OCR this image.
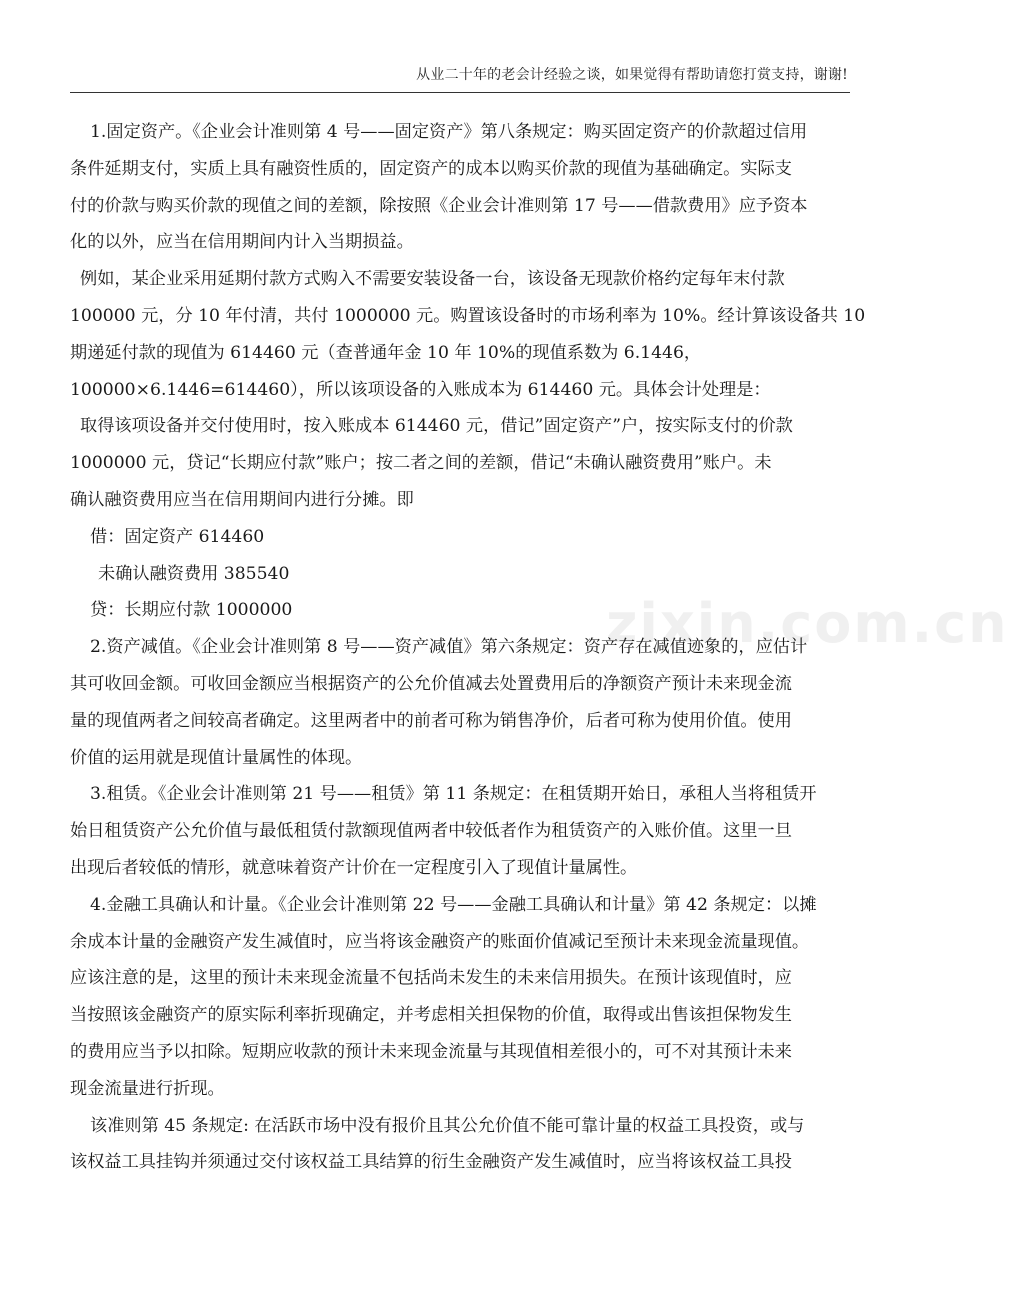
从业二十年的老会计经验之谈，如果觉得有帮助请您打赏支持，谢谢!
zixin.com.cn
1.固定资产。《企业会计准则第 4 号——固定资产》第八条规定：购买固定资产的价款超过信用
条件延期支付，实质上具有融资性质的，固定资产的成本以购买价款的现值为基础确定。实际支
付的价款与购买价款的现值之间的差额，除按照《企业会计准则第 17 号——借款费用》应予资本
化的以外，应当在信用期间内计入当期损益。
例如，某企业采用延期付款方式购入不需要安装设备一台，该设备无现款价格约定每年末付款
100000 元，分 10 年付清，共付 1000000 元。购置该设备时的市场利率为 10%。经计算该设备共 10
期递延付款的现值为 614460 元（查普通年金 10 年 10%的现值系数为 6.1446，
100000×6.1446=614460），所以该项设备的入账成本为 614460 元。具体会计处理是：
取得该项设备并交付使用时，按入账成本 614460 元，借记”固定资产”户，按实际支付的价款
1000000 元，贷记“长期应付款”账户；按二者之间的差额，借记“未确认融资费用”账户。未
确认融资费用应当在信用期间内进行分摊。即
借：固定资产 614460
未确认融资费用 385540
贷：长期应付款 1000000
2.资产减值。《企业会计准则第 8 号——资产减值》第六条规定：资产存在减值迹象的，应估计
其可收回金额。可收回金额应当根据资产的公允价值减去处置费用后的净额资产预计未来现金流
量的现值两者之间较高者确定。这里两者中的前者可称为销售净价，后者可称为使用价值。使用
价值的运用就是现值计量属性的体现。
3.租赁。《企业会计准则第 21 号——租赁》第 11 条规定：在租赁期开始日，承租人当将租赁开
始日租赁资产公允价值与最低租赁付款额现值两者中较低者作为租赁资产的入账价值。这里一旦
出现后者较低的情形，就意味着资产计价在一定程度引入了现值计量属性。
4.金融工具确认和计量。《企业会计准则第 22 号——金融工具确认和计量》第 42 条规定：以摊
余成本计量的金融资产发生减值时，应当将该金融资产的账面价值减记至预计未来现金流量现值。
应该注意的是，这里的预计未来现金流量不包括尚未发生的未来信用损失。在预计该现值时，应
当按照该金融资产的原实际利率折现确定，并考虑相关担保物的价值，取得或出售该担保物发生
的费用应当予以扣除。短期应收款的预计未来现金流量与其现值相差很小的，可不对其预计未来
现金流量进行折现。
该准则第 45 条规定: 在活跃市场中没有报价且其公允价值不能可靠计量的权益工具投资，或与
该权益工具挂钩并须通过交付该权益工具结算的衍生金融资产发生减值时，应当将该权益工具投
